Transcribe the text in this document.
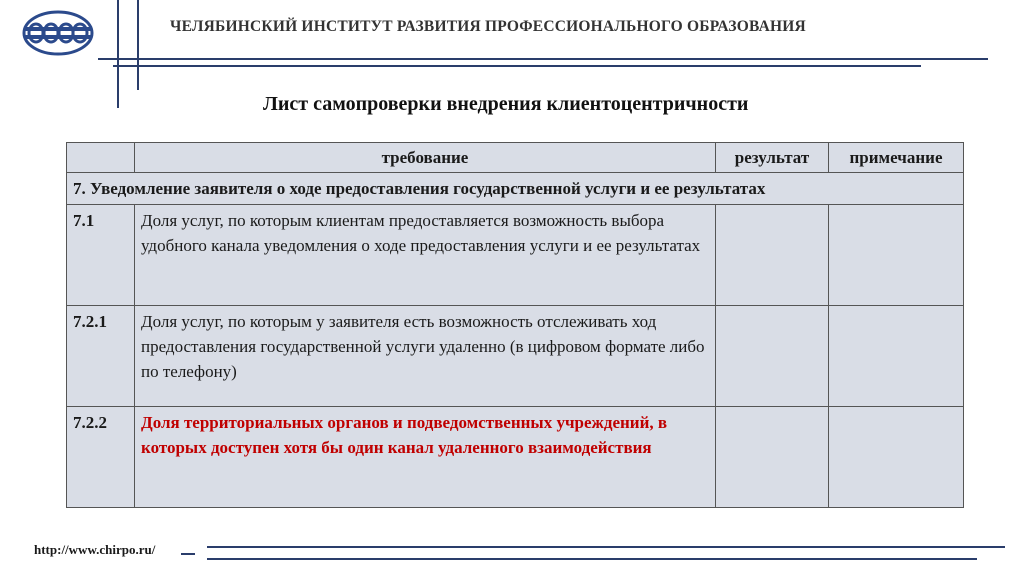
ЧЕЛЯБИНСКИЙ ИНСТИТУТ РАЗВИТИЯ ПРОФЕССИОНАЛЬНОГО ОБРАЗОВАНИЯ
Лист самопроверки внедрения клиентоцентричности
	требование	результат	примечание
7. Уведомление заявителя о ходе предоставления государственной услуги и ее результатах			
7.1	Доля услуг, по которым клиентам предоставляется возможность выбора удобного канала уведомления о ходе предоставления услуги и ее результатах		
7.2.1	Доля услуг, по которым у заявителя есть возможность отслеживать ход предоставления государственной услуги удаленно (в цифровом формате либо по телефону)		
7.2.2	Доля территориальных органов и подведомственных учреждений, в которых доступен хотя бы один канал удаленного взаимодействия		
http://www.chirpo.ru/
